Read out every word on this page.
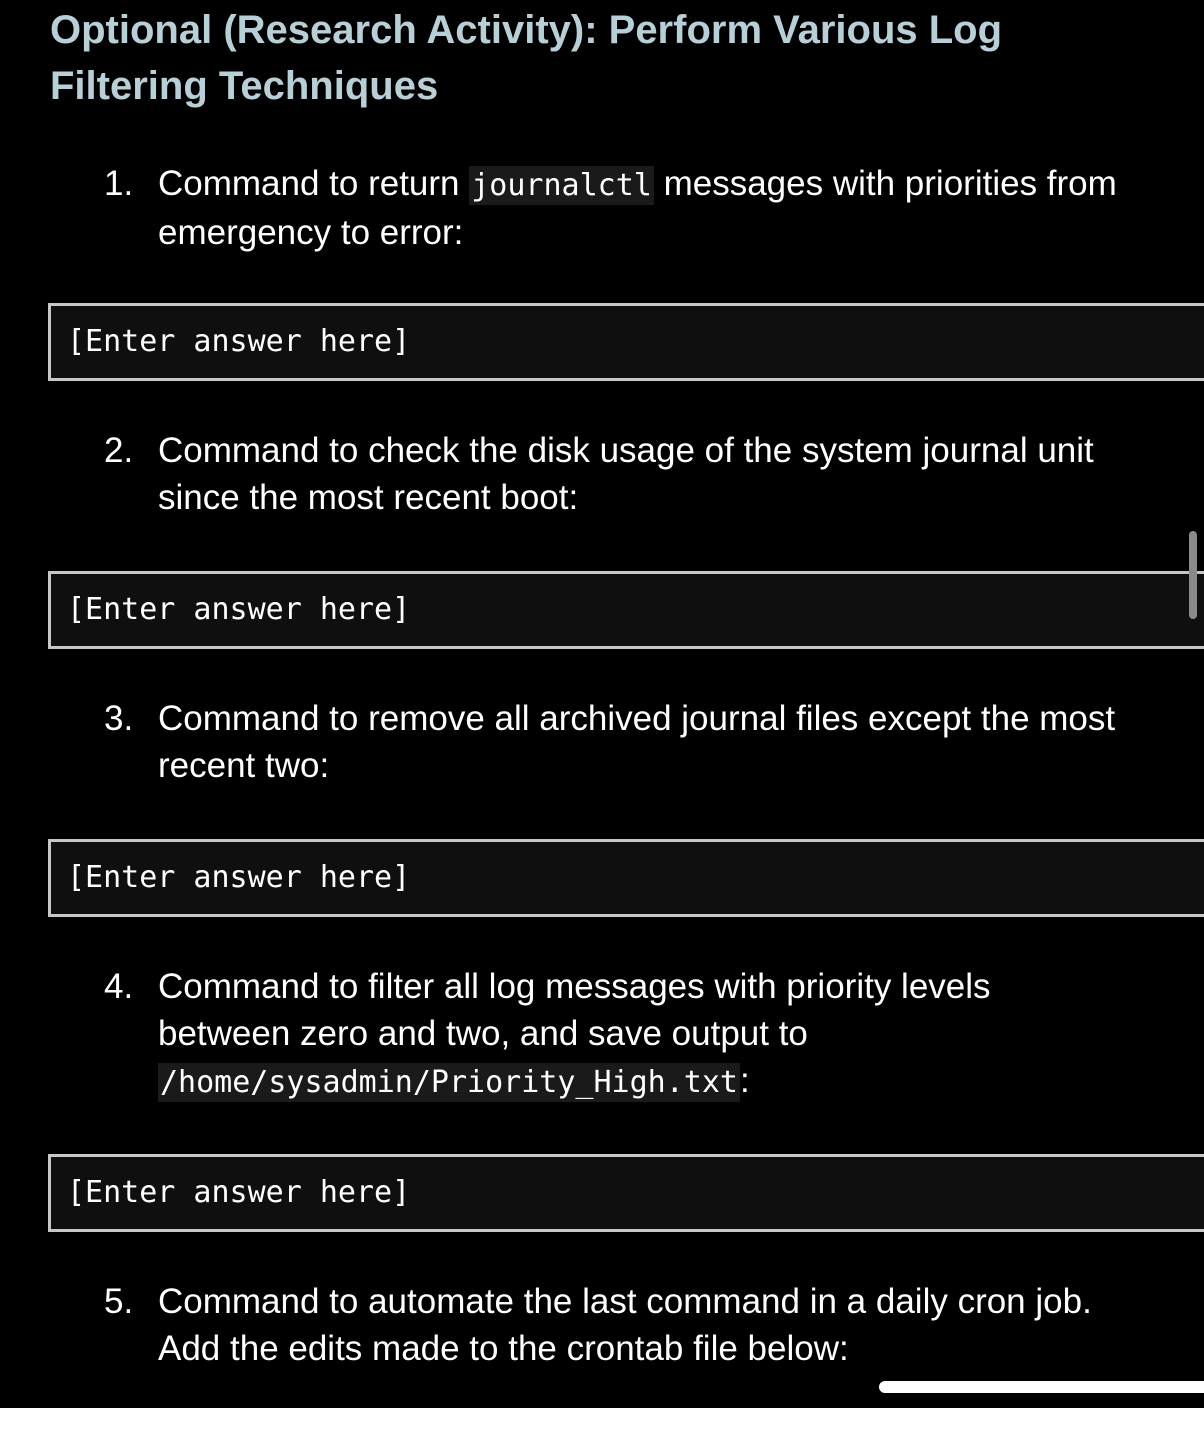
Optional (Research Activity): Perform Various Log Filtering Techniques
1. Command to return journalctl messages with priorities from emergency to error:
[Enter answer here]
2. Command to check the disk usage of the system journal unit since the most recent boot:
[Enter answer here]
3. Command to remove all archived journal files except the most recent two:
[Enter answer here]
4. Command to filter all log messages with priority levels between zero and two, and save output to /home/sysadmin/Priority_High.txt:
[Enter answer here]
5. Command to automate the last command in a daily cron job. Add the edits made to the crontab file below:
